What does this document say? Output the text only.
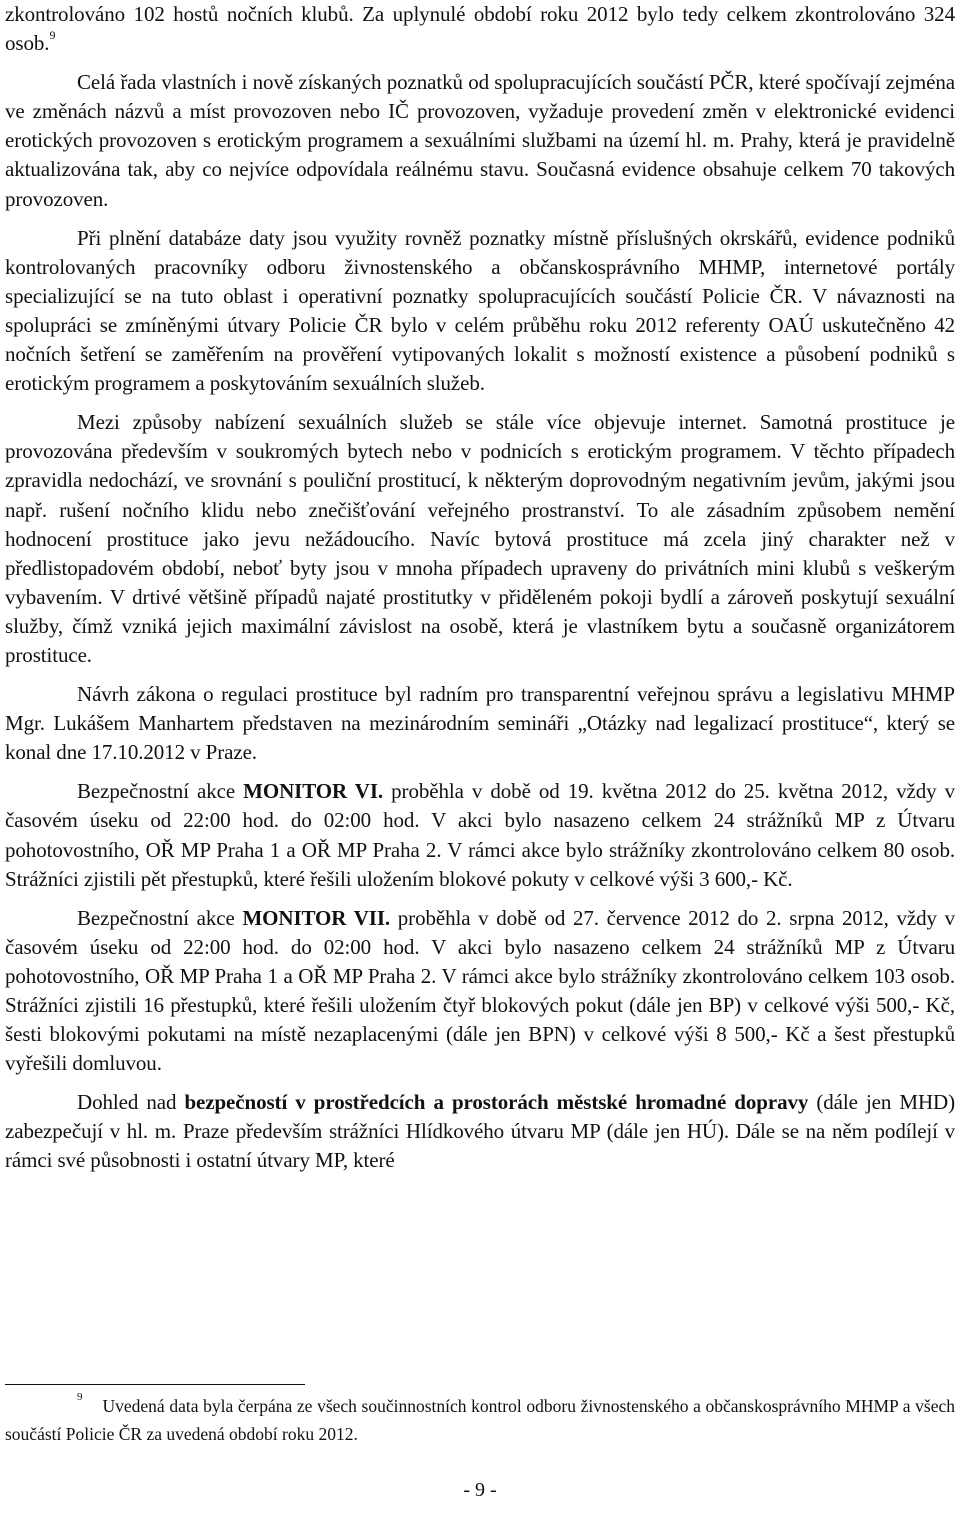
zkontrolováno 102 hostů nočních klubů. Za uplynulé období roku 2012 bylo tedy celkem zkontrolováno 324 osob.$^9$

Celá řada vlastních i nově získaných poznatků od spolupracujících součástí PČR, které spočívají zejména ve změnách názvů a míst provozoven nebo IČ provozoven, vyžaduje provedení změn v elektronické evidenci erotických provozoven s erotickým programem a sexuálními službami na území hl. m. Prahy, která je pravidelně aktualizována tak, aby co nejvíce odpovídala reálnému stavu. Současná evidence obsahuje celkem 70 takových provozoven.

Při plnění databáze daty jsou využity rovněž poznatky místně příslušných okrskářů, evidence podniků kontrolovaných pracovníky odboru živnostenského a občanskosprávního MHMP, internetové portály specializující se na tuto oblast i operativní poznatky spolupracujících součástí Policie ČR. V návaznosti na spolupráci se zmíněnými útvary Policie ČR bylo v celém průběhu roku 2012 referenty OAÚ uskutečněno 42 nočních šetření se zaměřením na prověření vytipovaných lokalit s možností existence a působení podniků s erotickým programem a poskytováním sexuálních služeb.

Mezi způsoby nabízení sexuálních služeb se stále více objevuje internet. Samotná prostituce je provozována především v soukromých bytech nebo v podnicích s erotickým programem. V těchto případech zpravidla nedochází, ve srovnání s pouliční prostitucí, k některým doprovodným negativním jevům, jakými jsou např. rušení nočního klidu nebo znečišťování veřejného prostranství. To ale zásadním způsobem nemění hodnocení prostituce jako jevu nežádoucího. Navíc bytová prostituce má zcela jiný charakter než v předlistopadovém období, neboť byty jsou v mnoha případech upraveny do privátních mini klubů s veškerým vybavením. V drtivé většině případů najaté prostitutky v přiděleném pokoji bydlí a zároveň poskytují sexuální služby, čímž vzniká jejich maximální závislost na osobě, která je vlastníkem bytu a současně organizátorem prostituce.

Návrh zákona o regulaci prostituce byl radním pro transparentní veřejnou správu a legislativu MHMP Mgr. Lukášem Manhartem představen na mezinárodním semináři „Otázky nad legalizací prostituce“, který se konal dne 17.10.2012 v Praze.

Bezpečnostní akce MONITOR VI. proběhla v době od 19. května 2012 do 25. května 2012, vždy v časovém úseku od 22:00 hod. do 02:00 hod. V akci bylo nasazeno celkem 24 strážníků MP z Útvaru pohotovostního, OŘ MP Praha 1 a OŘ MP Praha 2. V rámci akce bylo strážníky zkontrolováno celkem 80 osob. Strážníci zjistili pět přestupků, které řešili uložením blokové pokuty v celkové výši 3 600,- Kč.

Bezpečnostní akce MONITOR VII. proběhla v době od 27. července 2012 do 2. srpna 2012, vždy v časovém úseku od 22:00 hod. do 02:00 hod. V akci bylo nasazeno celkem 24 strážníků MP z Útvaru pohotovostního, OŘ MP Praha 1 a OŘ MP Praha 2. V rámci akce bylo strážníky zkontrolováno celkem 103 osob. Strážníci zjistili 16 přestupků, které řešili uložením čtyř blokových pokut (dále jen BP) v celkové výši 500,- Kč, šesti blokovými pokutami na místě nezaplacenými (dále jen BPN) v celkové výši 8 500,- Kč a šest přestupků vyřešili domluvou.

Dohled nad bezpečností v prostředcích a prostorách městské hromadné dopravy (dále jen MHD) zabezpečují v hl. m. Praze především strážníci Hlídkového útvaru MP (dále jen HÚ). Dále se na něm podílejí v rámci své působnosti i ostatní útvary MP, které

$^9$ Uvedená data byla čerpána ze všech součinnostních kontrol odboru živnostenského a občanskosprávního MHMP a všech součástí Policie ČR za uvedená období roku 2012.

- 9 -
